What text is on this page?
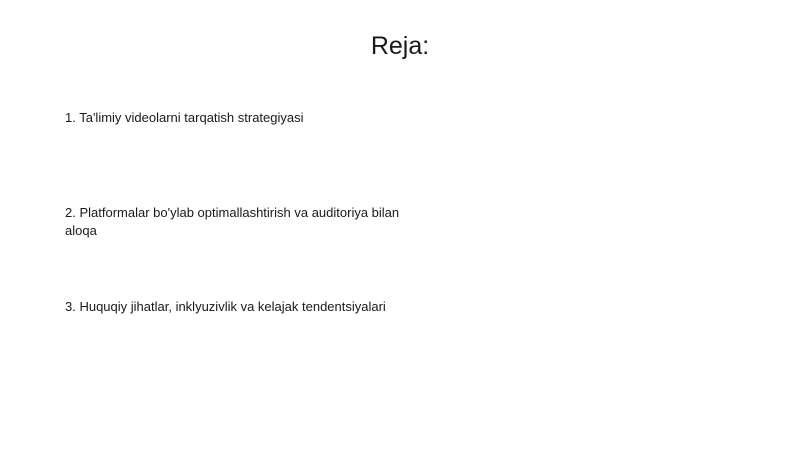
Reja:
1. Ta'limiy videolarni tarqatish strategiyasi
2. Platformalar bo'ylab optimallashtirish va auditoriya bilan aloqa
3. Huquqiy jihatlar, inklyuzivlik va kelajak tendentsiyalari
